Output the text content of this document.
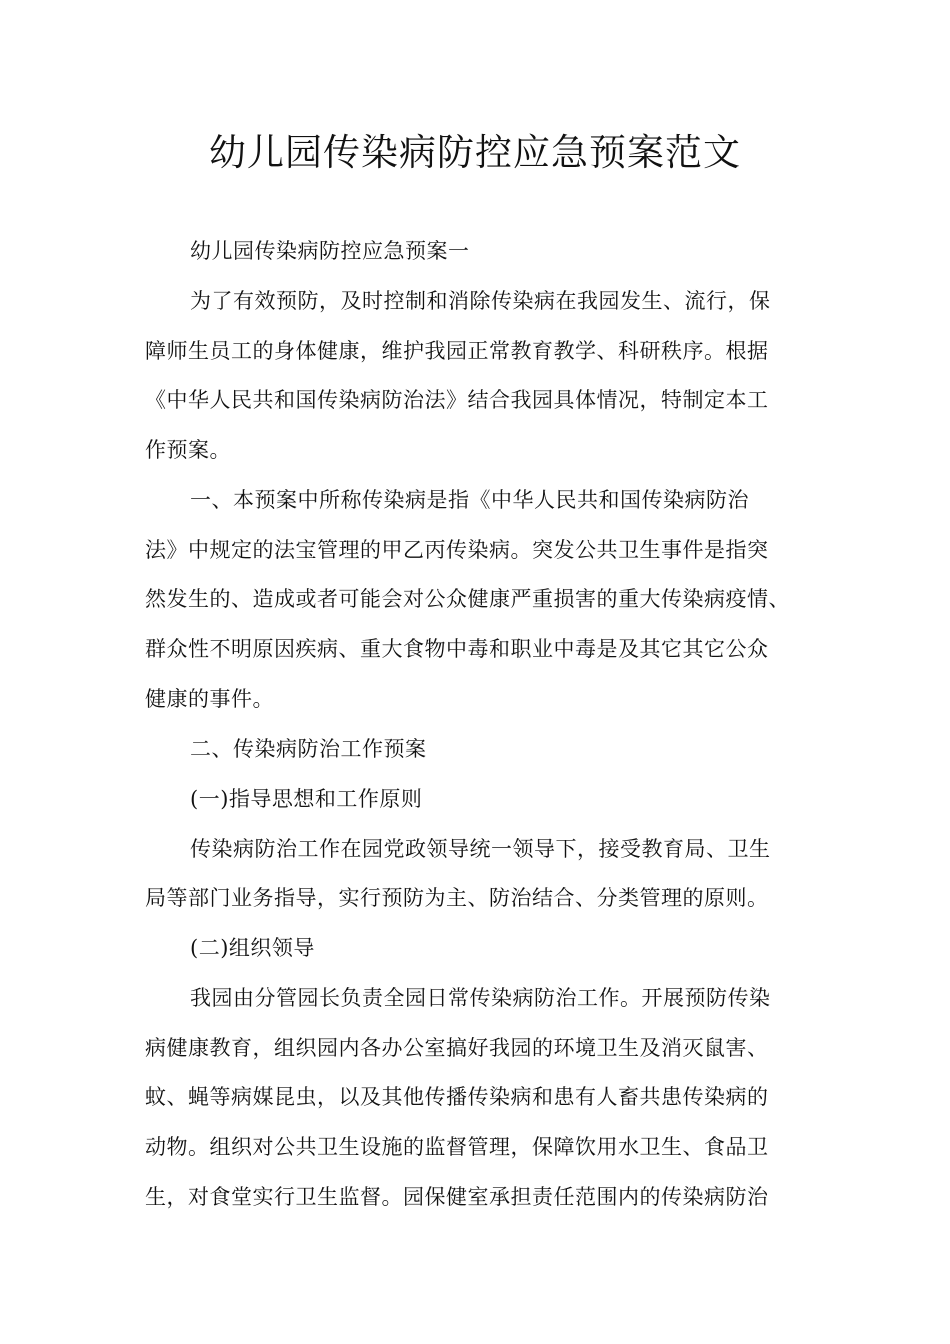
幼儿园传染病防控应急预案范文
幼儿园传染病防控应急预案一
为了有效预防，及时控制和消除传染病在我园发生、流行，保
障师生员工的身体健康，维护我园正常教育教学、科研秩序。根据
《中华人民共和国传染病防治法》结合我园具体情况，特制定本工
作预案。
一、本预案中所称传染病是指《中华人民共和国传染病防治
法》中规定的法宝管理的甲乙丙传染病。突发公共卫生事件是指突
然发生的、造成或者可能会对公众健康严重损害的重大传染病疫情、
群众性不明原因疾病、重大食物中毒和职业中毒是及其它其它公众
健康的事件。
二、传染病防治工作预案
(一)指导思想和工作原则
传染病防治工作在园党政领导统一领导下，接受教育局、卫生
局等部门业务指导，实行预防为主、防治结合、分类管理的原则。
(二)组织领导
我园由分管园长负责全园日常传染病防治工作。开展预防传染
病健康教育，组织园内各办公室搞好我园的环境卫生及消灭鼠害、
蚊、蝇等病媒昆虫，以及其他传播传染病和患有人畜共患传染病的
动物。组织对公共卫生设施的监督管理，保障饮用水卫生、食品卫
生，对食堂实行卫生监督。园保健室承担责任范围内的传染病防治
